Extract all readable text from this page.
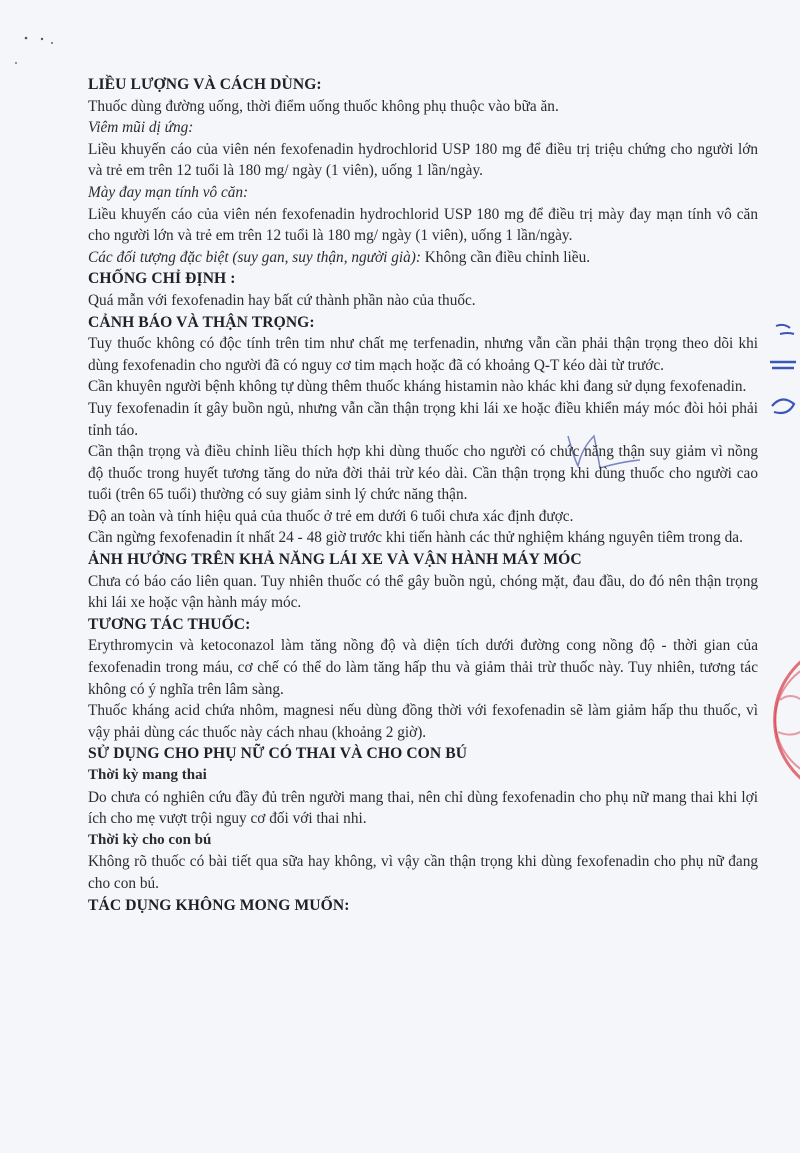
LIỀU LƯỢNG VÀ CÁCH DÙNG:

Thuốc dùng đường uống, thời điểm uống thuốc không phụ thuộc vào bữa ăn.

Viêm mũi dị ứng:

Liều khuyến cáo của viên nén fexofenadin hydrochlorid USP 180 mg để điều trị triệu chứng cho người lớn và trẻ em trên 12 tuổi là 180 mg/ ngày (1 viên), uống 1 lần/ngày.

Mày đay mạn tính vô căn:

Liều khuyến cáo của viên nén fexofenadin hydrochlorid USP 180 mg để điều trị mày đay mạn tính vô căn cho người lớn và trẻ em trên 12 tuổi là 180 mg/ ngày (1 viên), uống 1 lần/ngày.

Các đối tượng đặc biệt (suy gan, suy thận, người già): Không cần điều chỉnh liều.

CHỐNG CHỈ ĐỊNH :

Quá mẫn với fexofenadin hay bất cứ thành phần nào của thuốc.

CẢNH BÁO VÀ THẬN TRỌNG:

Tuy thuốc không có độc tính trên tim như chất mẹ terfenadin, nhưng vẫn cần phải thận trọng theo dõi khi dùng fexofenadin cho người đã có nguy cơ tim mạch hoặc đã có khoảng Q-T kéo dài từ trước.

Cần khuyên người bệnh không tự dùng thêm thuốc kháng histamin nào khác khi đang sử dụng fexofenadin.

Tuy fexofenadin ít gây buồn ngủ, nhưng vẫn cần thận trọng khi lái xe hoặc điều khiển máy móc đòi hỏi phải tỉnh táo.

Cần thận trọng và điều chỉnh liều thích hợp khi dùng thuốc cho người có chức năng thận suy giảm vì nồng độ thuốc trong huyết tương tăng do nửa đời thải trừ kéo dài. Cần thận trọng khi dùng thuốc cho người cao tuổi (trên 65 tuổi) thường có suy giảm sinh lý chức năng thận.

Độ an toàn và tính hiệu quả của thuốc ở trẻ em dưới 6 tuổi chưa xác định được.

Cần ngừng fexofenadin ít nhất 24 - 48 giờ trước khi tiến hành các thử nghiệm kháng nguyên tiêm trong da.

ẢNH HƯỞNG TRÊN KHẢ NĂNG LÁI XE VÀ VẬN HÀNH MÁY MÓC

Chưa có báo cáo liên quan. Tuy nhiên thuốc có thể gây buồn ngủ, chóng mặt, đau đầu, do đó nên thận trọng khi lái xe hoặc vận hành máy móc.

TƯƠNG TÁC THUỐC:

Erythromycin và ketoconazol làm tăng nồng độ và diện tích dưới đường cong nồng độ - thời gian của fexofenadin trong máu, cơ chế có thể do làm tăng hấp thu và giảm thải trừ thuốc này. Tuy nhiên, tương tác không có ý nghĩa trên lâm sàng.

Thuốc kháng acid chứa nhôm, magnesi nếu dùng đồng thời với fexofenadin sẽ làm giảm hấp thu thuốc, vì vậy phải dùng các thuốc này cách nhau (khoảng 2 giờ).

SỬ DỤNG CHO PHỤ NỮ CÓ THAI VÀ CHO CON BÚ
Thời kỳ mang thai

Do chưa có nghiên cứu đầy đủ trên người mang thai, nên chỉ dùng fexofenadin cho phụ nữ mang thai khi lợi ích cho mẹ vượt trội nguy cơ đối với thai nhi.

Thời kỳ cho con bú

Không rõ thuốc có bài tiết qua sữa hay không, vì vậy cần thận trọng khi dùng fexofenadin cho phụ nữ đang cho con bú.

TÁC DỤNG KHÔNG MONG MUỐN:
